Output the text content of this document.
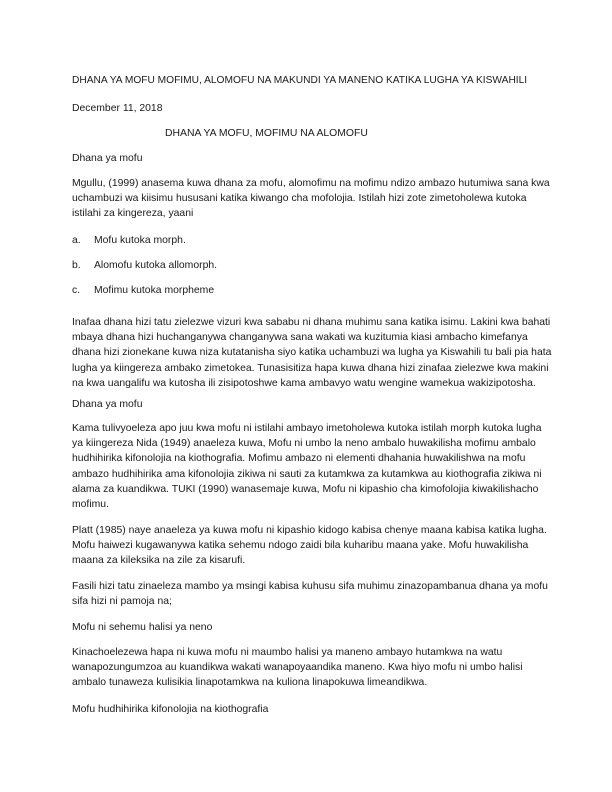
DHANA YA MOFU MOFIMU, ALOMOFU NA MAKUNDI YA MANENO KATIKA LUGHA YA KISWAHILI

December 11, 2018

DHANA YA MOFU, MOFIMU NA ALOMOFU

Dhana ya mofu

Mgullu, (1999) anasema kuwa dhana za mofu, alomofimu na mofimu ndizo ambazo hutumiwa sana kwa uchambuzi wa kiisimu hususani katika kiwango cha mofolojia. Istilah hizi zote zimetoholewa kutoka istilahi za kingereza, yaani

a. Mofu kutoka morph.
b. Alomofu kutoka allomorph.
c. Mofimu kutoka morpheme

Inafaa dhana hizi tatu zielezwe vizuri kwa sababu ni dhana muhimu sana katika isimu. Lakini kwa bahati mbaya dhana hizi huchanganywa changanywa sana wakati wa kuzitumia kiasi ambacho kimefanya dhana hizi zionekane kuwa niza kutatanisha siyo katika uchambuzi wa lugha ya Kiswahili tu bali pia hata lugha ya kiingereza ambako zimetokea. Tunasisitiza hapa kuwa dhana hizi zinafaa zielezwe kwa makini na kwa uangalifu wa kutosha ili zisipotoshwe kama ambavyo watu wengine wamekua wakizipotosha.

Dhana ya mofu

Kama tulivyoeleza apo juu kwa mofu ni istilahi ambayo imetoholewa kutoka istilah morph kutoka lugha ya kiingereza Nida (1949) anaeleza kuwa, Mofu ni umbo la neno ambalo huwakilisha mofimu ambalo hudhihirika kifonolojia na kiothografia. Mofimu ambazo ni elementi dhahania huwakilishwa na mofu ambazo hudhihirika ama kifonolojia zikiwa ni sauti za kutamkwa za kutamkwa au kiothografia zikiwa ni alama za kuandikwa. TUKI (1990) wanasemaje kuwa, Mofu ni kipashio cha kimofolojia kiwakilishacho mofimu.

Platt (1985) naye anaeleza ya kuwa mofu ni kipashio kidogo kabisa chenye maana kabisa katika lugha. Mofu haiwezi kugawanywa katika sehemu ndogo zaidi bila kuharibu maana yake. Mofu huwakilisha maana za kileksika na zile za kisarufi.

Fasili hizi tatu zinaeleza mambo ya msingi kabisa kuhusu sifa muhimu zinazopambanua dhana ya mofu sifa hizi ni pamoja na;

Mofu ni sehemu halisi ya neno

Kinachoelezewa hapa ni kuwa mofu ni maumbo halisi ya maneno ambayo hutamkwa na watu wanapozungumzoa au kuandikwa wakati wanapoyaandika maneno. Kwa hiyo mofu ni umbo halisi ambalo tunaweza kulisikia linapotamkwa na kuliona linapokuwa limeandikwa.

Mofu hudhihirika kifonolojia na kiothografia
